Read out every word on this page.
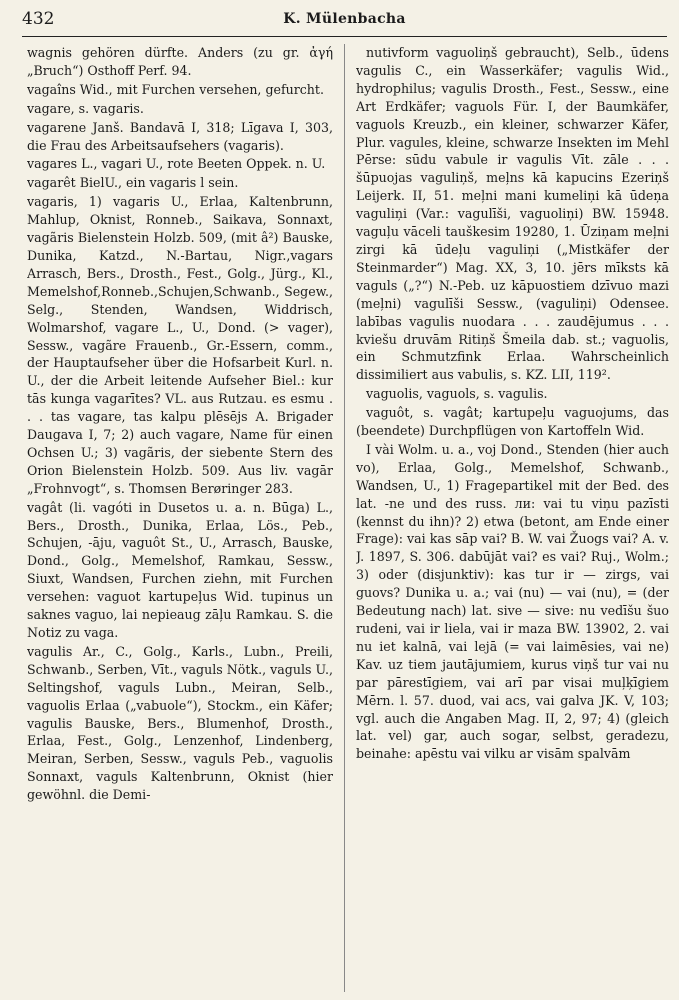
432	K. Mülenbacha

wagnis gehören dürfte. Anders (zu gr. ἀγή „Bruch“) Osthoff Perf. 94.

vagaîns Wid., mit Furchen versehen, gefurcht.

vagare, s. vagaris.

vagarene Janš. Bandavā I, 318; Līgava I, 303, die Frau des Arbeitsaufsehers (vagaris).

vagares L., vagari U., rote Beeten Oppek. n. U.

vagarêt BielU., ein vagaris l sein.

vagaris, 1) vagaris U., Erlaa, Kaltenbrunn, Mahlup, Oknist, Ronneb., Saikava, Sonnaxt, vagãris Bielenstein Holzb. 509, (mit â²) Bauske, Dunika, Katzd., N.-Bartau, Nigr.,vagars Arrasch, Bers., Drosth., Fest., Golg., Jürg., Kl., Memelshof,Ronneb.,Schujen,Schwanb., Segew., Selg., Stenden, Wandsen, Widdrisch, Wolmarshof, vagare L., U., Dond. (> vager), Sessw., vagãre Frauenb., Gr.-Essern, comm., der Hauptaufseher über die Hofsarbeit Kurl. n. U., der die Arbeit leitende Aufseher Biel.: kur tās kunga vagarītes? VL. aus Rutzau. es esmu . . . tas vagare, tas kalpu plēsējs A. Brigader Daugava I, 7; 2) auch vagare, Name für einen Ochsen U.; 3) vagãris, der siebente Stern des Orion Bielenstein Holzb. 509. Aus liv. vagār „Frohnvogt“, s. Thomsen Berøringer 283.

vagât (li. vagóti in Dusetos u. a. n. Būga) L., Bers., Drosth., Dunika, Erlaa, Lös., Peb., Schujen, -āju, vaguôt St., U., Arrasch, Bauske, Dond., Golg., Memelshof, Ramkau, Sessw., Siuxt, Wandsen, Furchen ziehn, mit Furchen versehen: vaguot kartupeļus Wid. tupinus un saknes vaguo, lai nepieaug zāļu Ramkau. S. die Notiz zu vaga.

vagulis Ar., C., Golg., Karls., Lubn., Preili, Schwanb., Serben, Vīt., vaguls Nötk., vaguls U., Seltingshof, vaguls Lubn., Meiran, Selb., vaguolis Erlaa („vabuole“), Stockm., ein Käfer; vagulis Bauske, Bers., Blumenhof, Drosth., Erlaa, Fest., Golg., Lenzenhof, Lindenberg, Meiran, Serben, Sessw., vaguls Peb., vaguolis Sonnaxt, vaguls Kaltenbrunn, Oknist (hier gewöhnl. die Demi-

nutivform vaguoliņš gebraucht), Selb., ūdens vagulis C., ein Wasserkäfer; vagulis Wid., hydrophilus; vagulis Drosth., Fest., Sessw., eine Art Erdkäfer; vaguols Für. I, der Baumkäfer, vaguols Kreuzb., ein kleiner, schwarzer Käfer, Plur. vagules, kleine, schwarze Insekten im Mehl Pērse: sūdu vabule ir vagulis Vīt. zāle . . . šūpuojas vaguliņš, meļns kā kapucins Ezeriņš Leijerk. II, 51. meļni mani kumeliņi kā ūdeņa vaguliņi (Var.: vagulīši, vaguoliņi) BW. 15948. vaguļu vāceli tauškesim 19280, 1. Ūziņam meļni zirgi kā ūdeļu vaguliņi („Mistkäfer der Steinmarder“) Mag. XX, 3, 10. jērs mīksts kā vaguls („?“) N.-Peb. uz kāpuostiem dzīvuo mazi (meļni) vagulīši Sessw., (vaguliņi) Odensee. labības vagulis nuodara . . . zaudējumus . . . kviešu druvām Ritiņš Šmeila dab. st.; vaguolis, ein Schmutzfink Erlaa. Wahrscheinlich dissimiliert aus vabulis, s. KZ. LII, 119².

vaguolis, vaguols, s. vagulis.

vaguôt, s. vagât; kartupeļu vaguojums, das (beendete) Durchpflügen von Kartoffeln Wid.

I vài Wolm. u. a., voj Dond., Stenden (hier auch vo), Erlaa, Golg., Memelshof, Schwanb., Wandsen, U., 1) Fragepartikel mit der Bed. des lat. -ne und des russ. ли: vai tu viņu pazīsti (kennst du ihn)? 2) etwa (betont, am Ende einer Frage): vai kas sāp vai? B. W. vai Žuogs vai? A. v. J. 1897, S. 306. dabūjāt vai? es vai? Ruj., Wolm.; 3) oder (disjunktiv): kas tur ir — zirgs, vai guovs? Dunika u. a.; vai (nu) — vai (nu), = (der Bedeutung nach) lat. sive — sive: nu vedīšu šuo rudeni, vai ir liela, vai ir maza BW. 13902, 2. vai nu iet kalnā, vai lejā (= vai laimēsies, vai ne) Kav. uz tiem jautājumiem, kurus viņš tur vai nu par pārestīgiem, vai arī par visai muļķīgiem Mērn. l. 57. duod, vai acs, vai galva JK. V, 103; vgl. auch die Angaben Mag. II, 2, 97; 4) (gleich lat. vel) gar, auch sogar, selbst, geradezu, beinahe: apēstu vai vilku ar visām spalvām
